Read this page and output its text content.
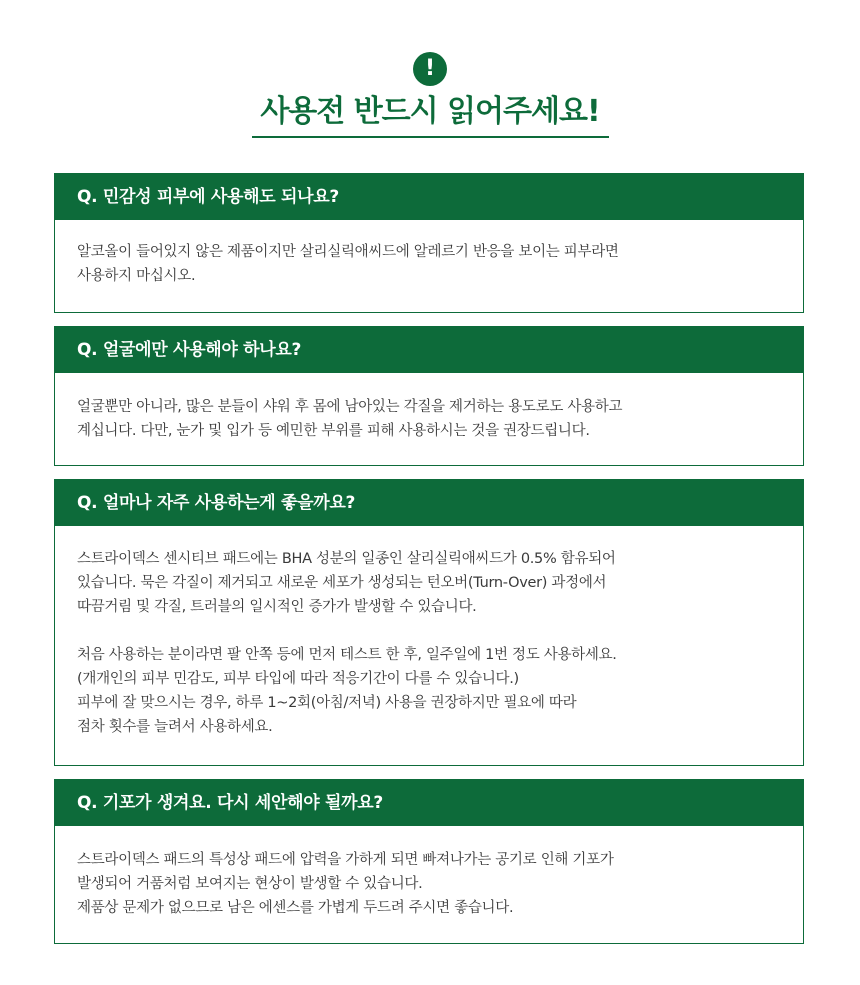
!
사용전 반드시 읽어주세요!
Q. 민감성 피부에 사용해도 되나요?

알코올이 들어있지 않은 제품이지만 살리실릭애씨드에 알레르기 반응을 보이는 피부라면

사용하지 마십시오.

Q. 얼굴에만 사용해야 하나요?

얼굴뿐만 아니라, 많은 분들이 샤워 후 몸에 남아있는 각질을 제거하는 용도로도 사용하고

계십니다. 다만, 눈가 및 입가 등 예민한 부위를 피해 사용하시는 것을 권장드립니다.

Q. 얼마나 자주 사용하는게 좋을까요?

스트라이덱스 센시티브 패드에는 BHA 성분의 일종인 살리실릭애씨드가 0.5% 함유되어

있습니다. 묵은 각질이 제거되고 새로운 세포가 생성되는 턴오버(Turn-Over) 과정에서

따끔거림 및 각질, 트러블의 일시적인 증가가 발생할 수 있습니다.

처음 사용하는 분이라면 팔 안쪽 등에 먼저 테스트 한 후, 일주일에 1번 정도 사용하세요.

(개개인의 피부 민감도, 피부 타입에 따라 적응기간이 다를 수 있습니다.)

피부에 잘 맞으시는 경우, 하루 1~2회(아침/저녁) 사용을 권장하지만 필요에 따라

점차 횟수를 늘려서 사용하세요.

Q. 기포가 생겨요. 다시 세안해야 될까요?

스트라이덱스 패드의 특성상 패드에 압력을 가하게 되면 빠져나가는 공기로 인해 기포가

발생되어 거품처럼 보여지는 현상이 발생할 수 있습니다.

제품상 문제가 없으므로 남은 에센스를 가볍게 두드려 주시면 좋습니다.
